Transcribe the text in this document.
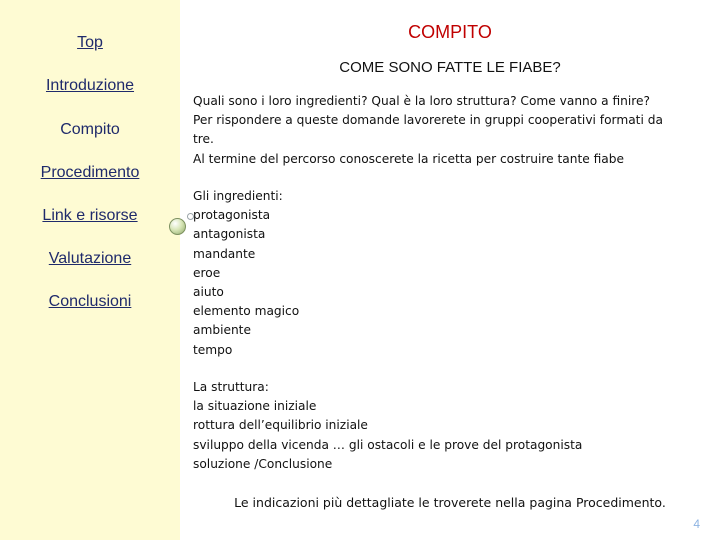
Top
Introduzione
Compito
Procedimento
Link e risorse
Valutazione
Conclusioni
COMPITO
COME SONO FATTE LE FIABE?

Quali sono i loro ingredienti? Qual è la loro struttura? Come vanno a finire?

Per rispondere a queste domande lavorerete in gruppi cooperativi formati da

tre.

Al termine del percorso conoscerete la ricetta per costruire tante fiabe

Gli ingredienti:

protagonista

antagonista

mandante

eroe

aiuto

elemento magico

ambiente

tempo

La struttura:

la situazione iniziale

rottura dell’equilibrio iniziale

sviluppo della vicenda … gli ostacoli e le prove del protagonista

soluzione /Conclusione

Le indicazioni più dettagliate le troverete nella pagina Procedimento.
4
